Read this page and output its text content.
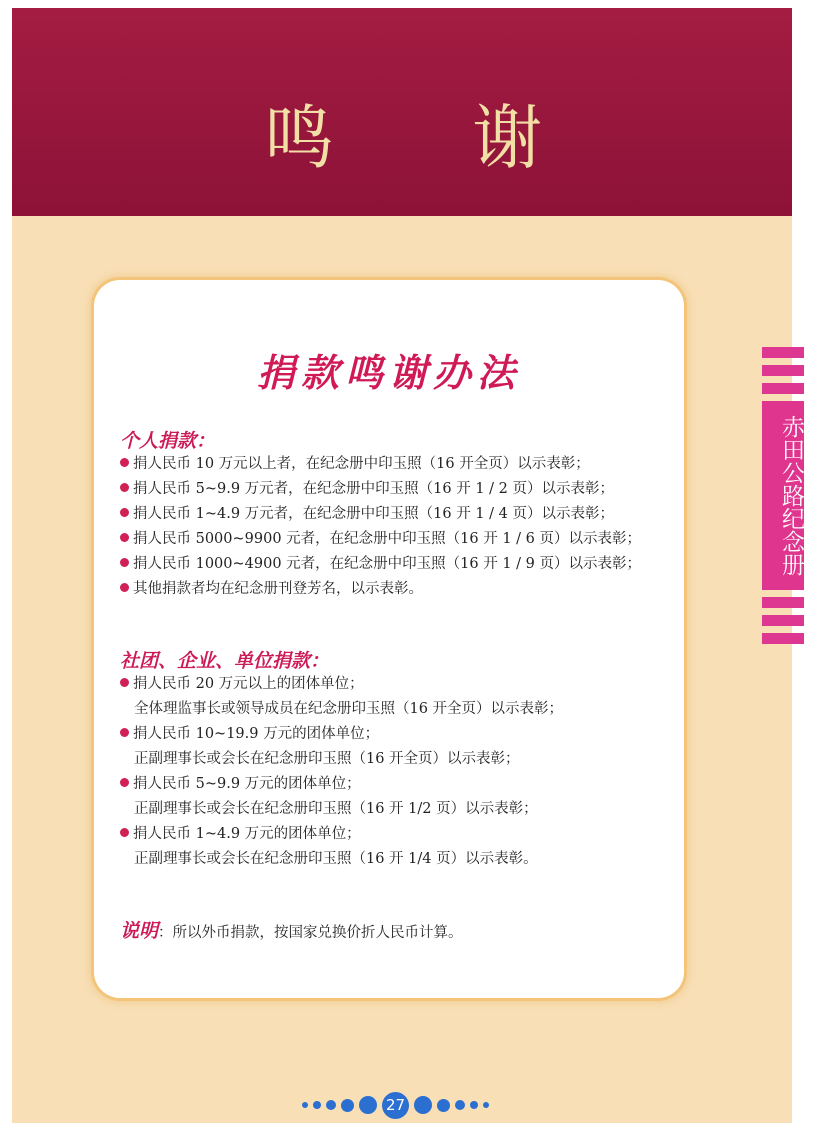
鸣 谢
赤田公路纪念册
捐款鸣谢办法
个人捐款：
捐人民币 10 万元以上者，在纪念册中印玉照（16 开全页）以示表彰；
捐人民币 5~9.9 万元者，在纪念册中印玉照（16 开 1 / 2 页）以示表彰；
捐人民币 1~4.9 万元者，在纪念册中印玉照（16 开 1 / 4 页）以示表彰；
捐人民币 5000~9900 元者，在纪念册中印玉照（16 开 1 / 6 页）以示表彰；
捐人民币 1000~4900 元者，在纪念册中印玉照（16 开 1 / 9 页）以示表彰；
其他捐款者均在纪念册刊登芳名，以示表彰。
社团、企业、单位捐款：
捐人民币 20 万元以上的团体单位；
全体理监事长或领导成员在纪念册印玉照（16 开全页）以示表彰；
捐人民币 10~19.9 万元的团体单位；
正副理事长或会长在纪念册印玉照（16 开全页）以示表彰；
捐人民币 5~9.9 万元的团体单位；
正副理事长或会长在纪念册印玉照（16 开 1/2 页）以示表彰；
捐人民币 1~4.9 万元的团体单位；
正副理事长或会长在纪念册印玉照（16 开 1/4 页）以示表彰。
说明：所以外币捐款，按国家兑换价折人民币计算。
27
